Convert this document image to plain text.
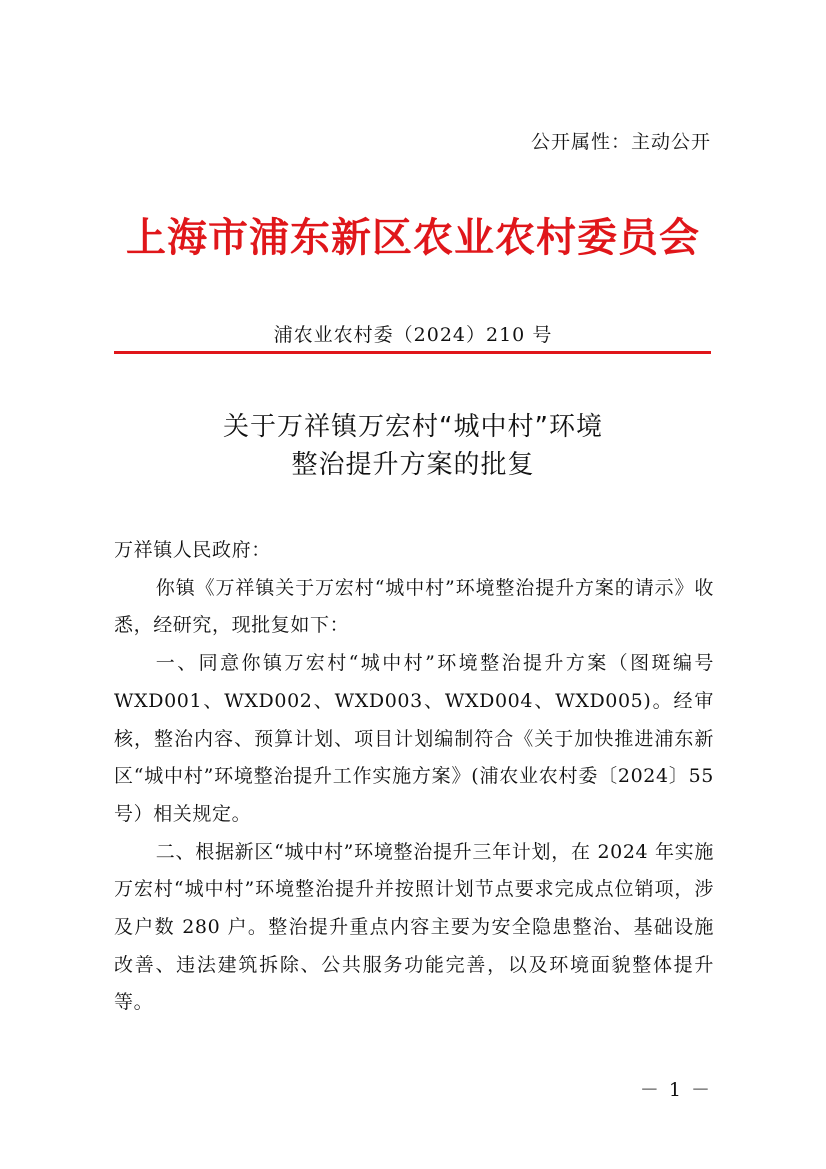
公开属性：主动公开
上海市浦东新区农业农村委员会
浦农业农村委（2024）210 号
关于万祥镇万宏村“城中村”环境
整治提升方案的批复

万祥镇人民政府：

你镇《万祥镇关于万宏村“城中村”环境整治提升方案的请示》收悉，经研究，现批复如下：

一、同意你镇万宏村“城中村”环境整治提升方案（图斑编号 WXD001、WXD002、WXD003、WXD004、WXD005)。经审核，整治内容、预算计划、项目计划编制符合《关于加快推进浦东新区“城中村”环境整治提升工作实施方案》(浦农业农村委〔2024〕55 号）相关规定。

二、根据新区“城中村”环境整治提升三年计划，在 2024 年实施万宏村“城中村”环境整治提升并按照计划节点要求完成点位销项，涉及户数 280 户。整治提升重点内容主要为安全隐患整治、基础设施改善、违法建筑拆除、公共服务功能完善，以及环境面貌整体提升等。

－ 1 －
